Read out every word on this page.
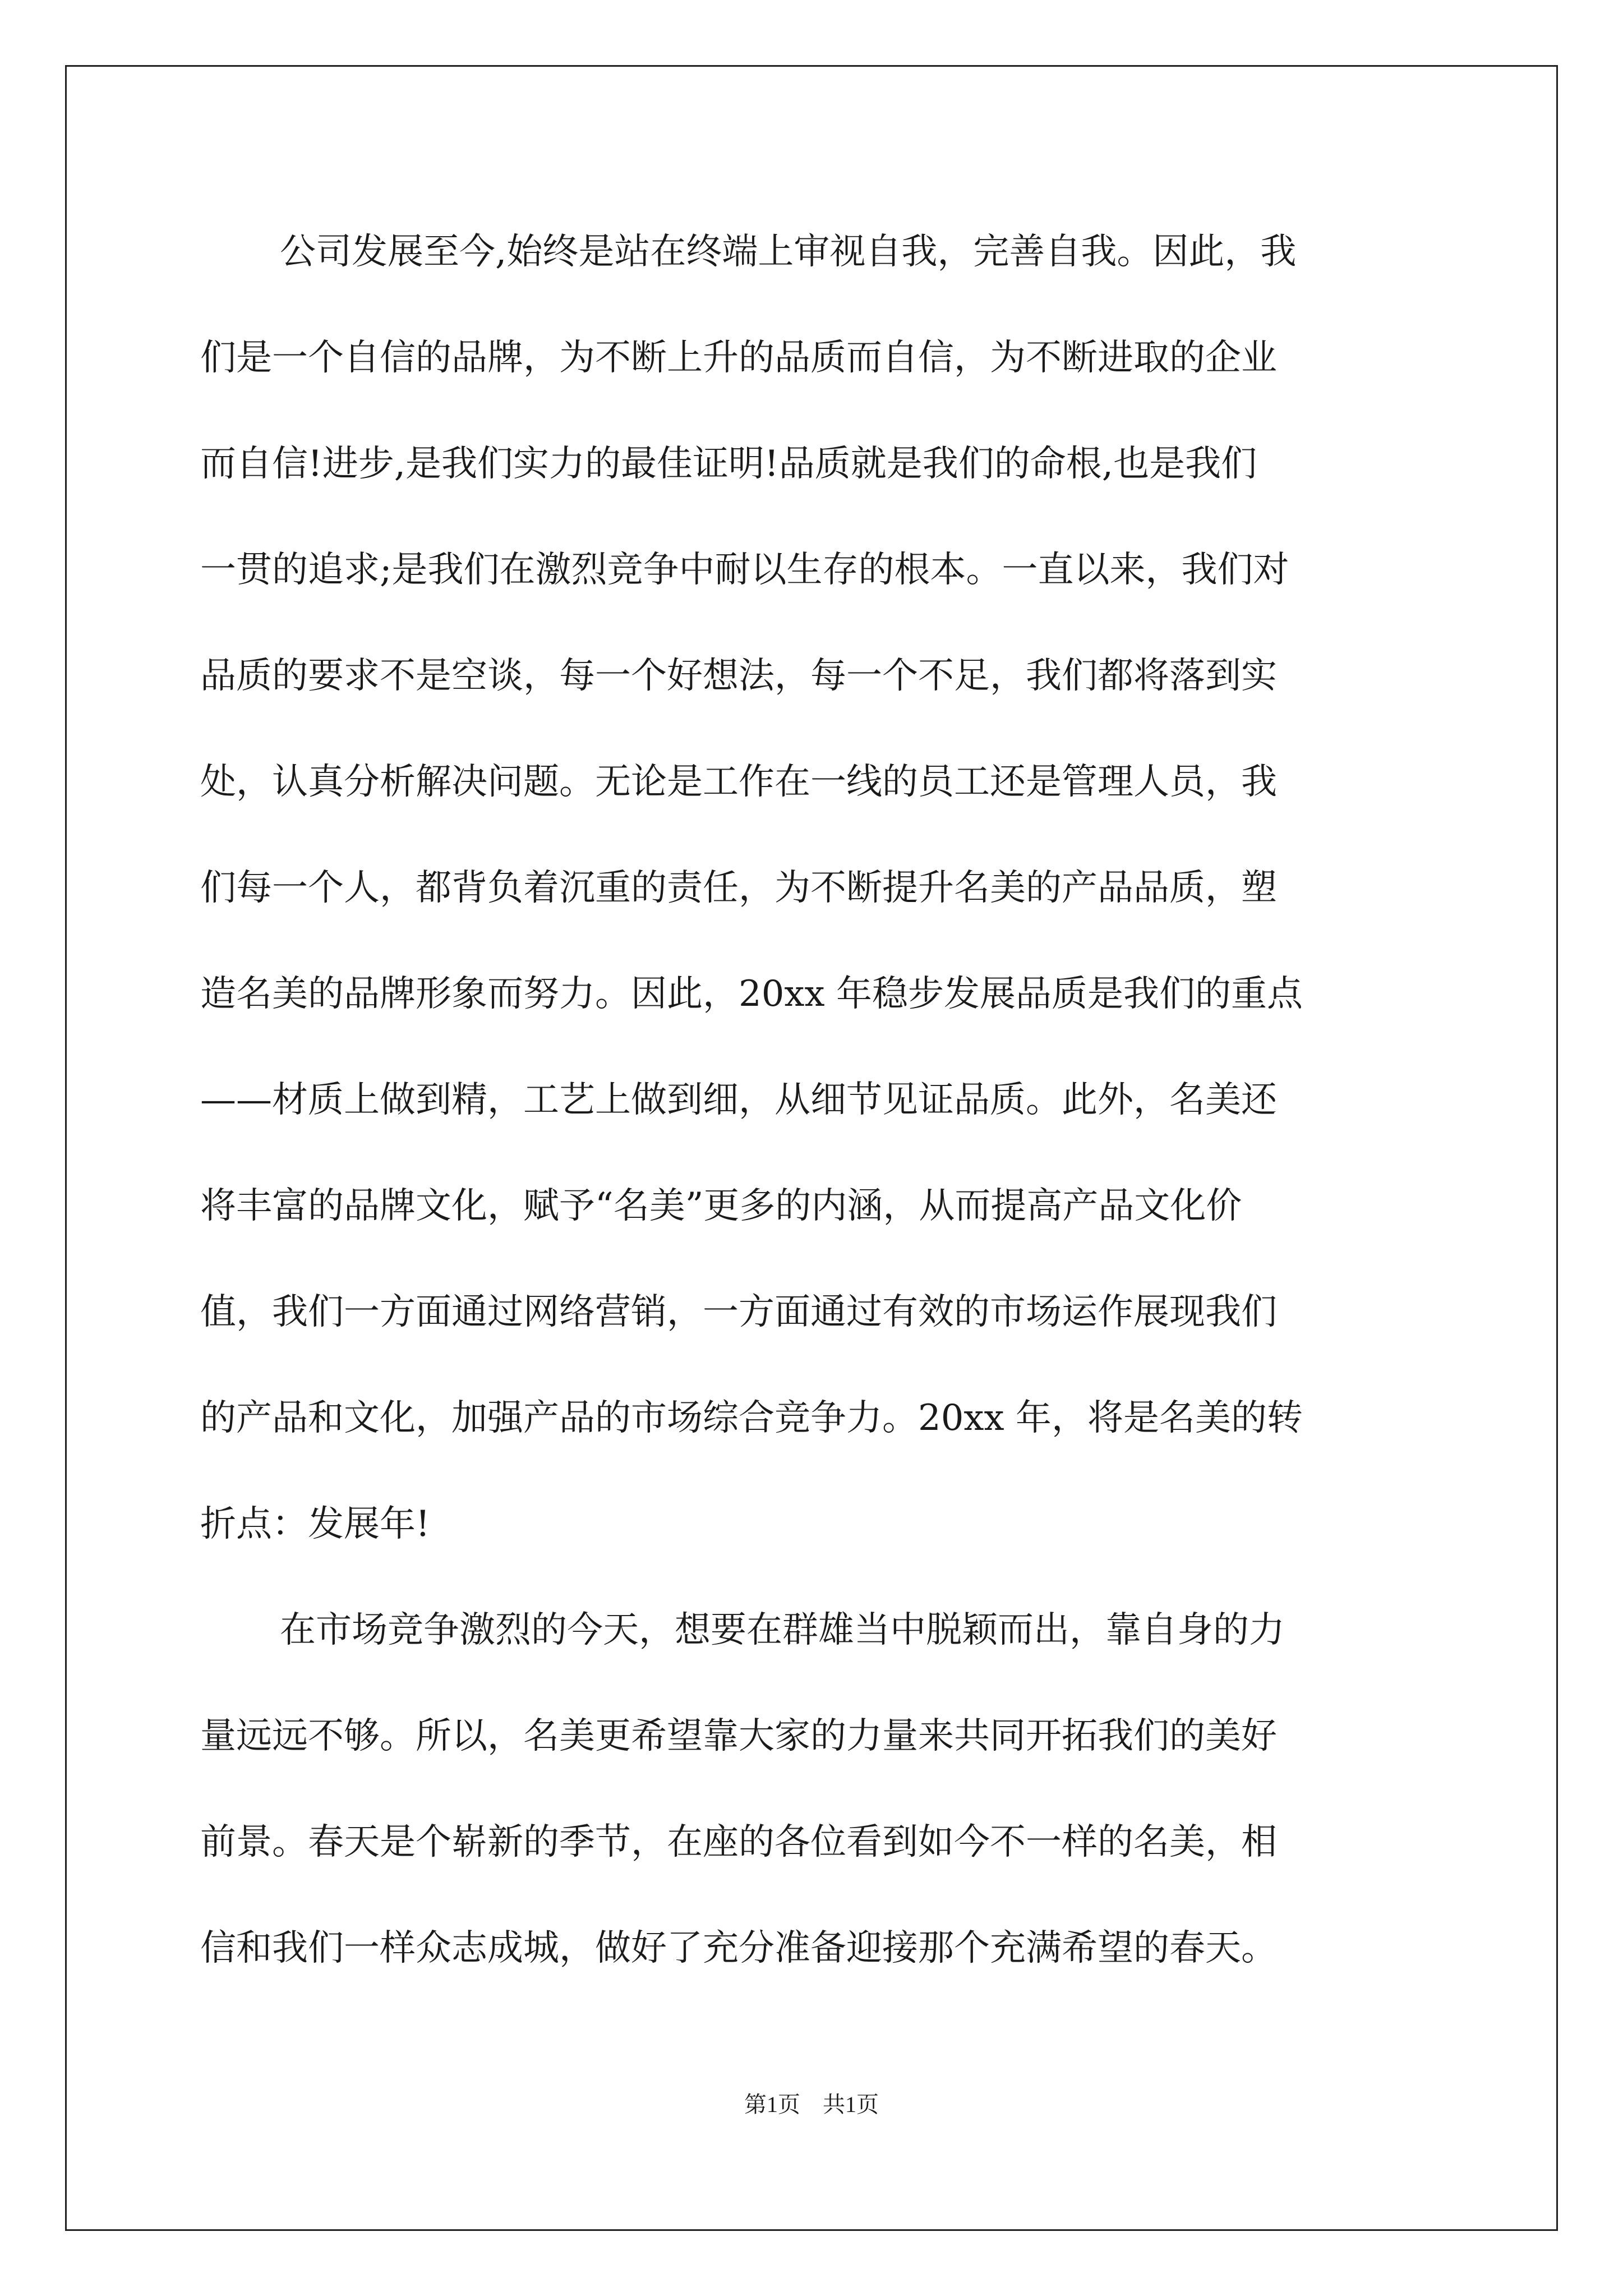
公司发展至今,始终是站在终端上审视自我，完善自我。因此，我
们是一个自信的品牌，为不断上升的品质而自信，为不断进取的企业
而自信!进步,是我们实力的最佳证明!品质就是我们的命根,也是我们
一贯的追求;是我们在激烈竞争中耐以生存的根本。一直以来，我们对
品质的要求不是空谈，每一个好想法，每一个不足，我们都将落到实
处，认真分析解决问题。无论是工作在一线的员工还是管理人员，我
们每一个人，都背负着沉重的责任，为不断提升名美的产品品质，塑
造名美的品牌形象而努力。因此，20xx 年稳步发展品质是我们的重点
——材质上做到精，工艺上做到细，从细节见证品质。此外，名美还
将丰富的品牌文化，赋予“名美”更多的内涵，从而提高产品文化价
值，我们一方面通过网络营销，一方面通过有效的市场运作展现我们
的产品和文化，加强产品的市场综合竞争力。20xx 年，将是名美的转
折点：发展年!
在市场竞争激烈的今天，想要在群雄当中脱颖而出，靠自身的力
量远远不够。所以，名美更希望靠大家的力量来共同开拓我们的美好
前景。春天是个崭新的季节，在座的各位看到如今不一样的名美，相
信和我们一样众志成城，做好了充分准备迎接那个充满希望的春天。
第1页 共1页
